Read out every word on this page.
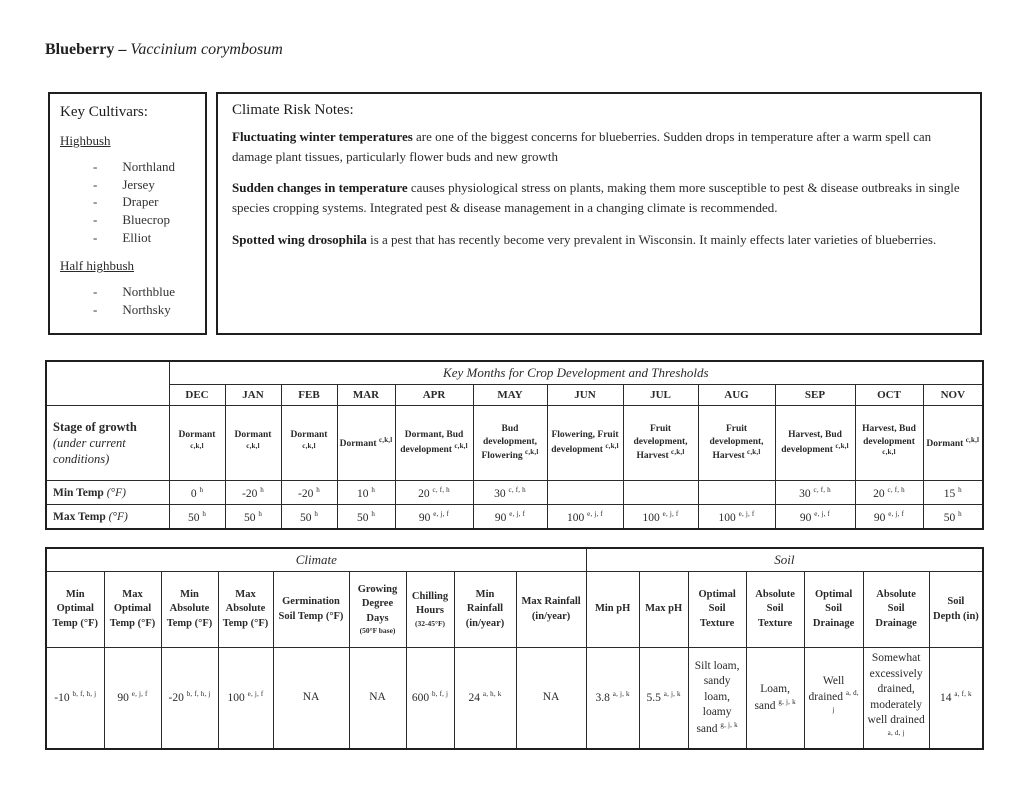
Blueberry – Vaccinium corymbosum
Key Cultivars:
Highbush
- Northland
- Jersey
- Draper
- Bluecrop
- Elliot
Half highbush
- Northblue
- Northsky
Climate Risk Notes:

Fluctuating winter temperatures are one of the biggest concerns for blueberries. Sudden drops in temperature after a warm spell can damage plant tissues, particularly flower buds and new growth

Sudden changes in temperature causes physiological stress on plants, making them more susceptible to pest & disease outbreaks in single species cropping systems. Integrated pest & disease management in a changing climate is recommended.

Spotted wing drosophila is a pest that has recently become very prevalent in Wisconsin. It mainly effects later varieties of blueberries.

	Key Months for Crop Development and Thresholds											
	DEC	JAN	FEB	MAR	APR	MAY	JUN	JUL	AUG	SEP	OCT	NOV

Stage of growth
(under current conditions)	Dormant $^{c,k,l}$	Dormant $^{c,k,l}$	Dormant $^{c,k,l}$	Dormant $^{c,k,l}$	Dormant, Bud development $^{c,k,l}$	Bud development, Flowering $^{c,k,l}$	Flowering, Fruit development $^{c,k,l}$	Fruit development, Harvest $^{c,k,l}$	Fruit development, Harvest $^{c,k,l}$	Harvest, Bud development $^{c,k,l}$	Harvest, Bud development $^{c,k,l}$	Dormant $^{c,k,l}$
Min Temp (°F)	0 $^h$	-20 $^h$	-20 $^h$	10 $^h$	20 $^{c, f, h}$	30 $^{c, f, h}$				30 $^{c, f, h}$	20 $^{c, f, h}$	15 $^h$
Max Temp (°F)	50 $^h$	50 $^h$	50 $^h$	50 $^h$	90 $^{e, j, f}$	90 $^{e, j, f}$	100 $^{e, j, f}$	100 $^{e, j, f}$	100 $^{e, j, f}$	90 $^{e, j, f}$	90 $^{e, j, f}$	50 $^h$
Climate									Soil						
Min Optimal Temp (°F)	Max Optimal Temp (°F)	Min Absolute Temp (°F)	Max Absolute Temp (°F)	Germination Soil Temp (°F)	Growing Degree Days
(50°F base)	Chilling Hours
(32-45°F)	Min Rainfall (in/year)	Max Rainfall (in/year)	Min pH	Max pH	Optimal Soil Texture	Absolute Soil Texture	Optimal Soil Drainage	Absolute Soil Drainage	Soil Depth (in)
-10 $^{b, f, h, j}$	90 $^{e, j, f}$	-20 $^{b, f, h, j}$	100 $^{e, j, f}$	NA	NA	600 $^{b, f, j}$	24 $^{a, h, k}$	NA	3.8 $^{a, j, k}$	5.5 $^{a, j, k}$	Silt loam, sandy loam, loamy sand $^{g, j, k}$	Loam, sand $^{g, j, k}$	Well drained $^{a, d, j}$	Somewhat excessively drained, moderately well drained $^{a, d, j}$	14 $^{a, f, k}$
